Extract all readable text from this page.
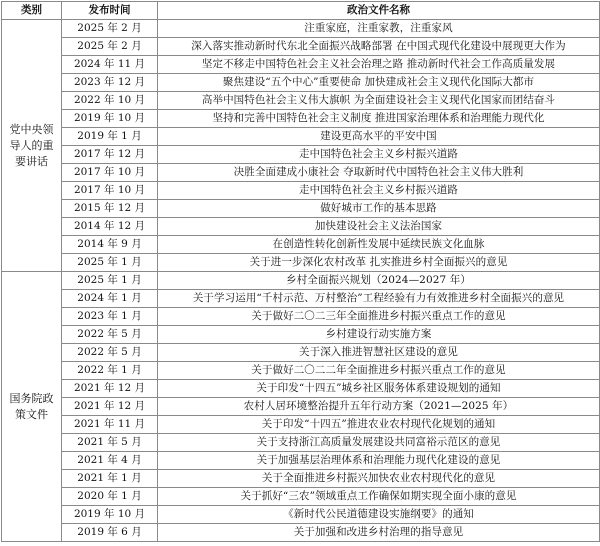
类别	发布时间	政治文件名称
党中央领导人的重要讲话	2025 年 2 月	注重家庭，注重家教，注重家风
	2025 年 2 月	深入落实推动新时代东北全面振兴战略部署 在中国式现代化建设中展现更大作为
	2024 年 11 月	坚定不移走中国特色社会主义社会治理之路 推动新时代社会工作高质量发展
	2023 年 12 月	聚焦建设“五个中心”重要使命 加快建成社会主义现代化国际大都市
	2022 年 10 月	高举中国特色社会主义伟大旗帜 为全面建设社会主义现代化国家而团结奋斗
	2019 年 10 月	坚持和完善中国特色社会主义制度 推进国家治理体系和治理能力现代化
	2019 年 1 月	建设更高水平的平安中国
	2017 年 12 月	走中国特色社会主义乡村振兴道路
	2017 年 10 月	决胜全面建成小康社会 夺取新时代中国特色社会主义伟大胜利
	2017 年 10 月	走中国特色社会主义乡村振兴道路
	2015 年 12 月	做好城市工作的基本思路
	2014 年 12 月	加快建设社会主义法治国家
	2014 年 9 月	在创造性转化创新性发展中延续民族文化血脉
	2025 年 1 月	关于进一步深化农村改革 扎实推进乡村全面振兴的意见
国务院政策文件	2025 年 1 月	乡村全面振兴规划（2024—2027 年）
	2024 年 1 月	关于学习运用“千村示范、万村整治”工程经验有力有效推进乡村全面振兴的意见
	2023 年 1 月	关于做好二〇二三年全面推进乡村振兴重点工作的意见
	2022 年 5 月	乡村建设行动实施方案
	2022 年 5 月	关于深入推进智慧社区建设的意见
	2022 年 1 月	关于做好二〇二二年全面推进乡村振兴重点工作的意见
	2021 年 12 月	关于印发“十四五”城乡社区服务体系建设规划的通知
	2021 年 12 月	农村人居环境整治提升五年行动方案（2021—2025 年）
	2021 年 11 月	关于印发“十四五”推进农业农村现代化规划的通知
	2021 年 5 月	关于支持浙江高质量发展建设共同富裕示范区的意见
	2021 年 4 月	关于加强基层治理体系和治理能力现代化建设的意见
	2021 年 1 月	关于全面推进乡村振兴加快农业农村现代化的意见
	2020 年 1 月	关于抓好“三农”领域重点工作确保如期实现全面小康的意见
	2019 年 10 月	《新时代公民道德建设实施纲要》的通知
	2019 年 6 月	关于加强和改进乡村治理的指导意见
